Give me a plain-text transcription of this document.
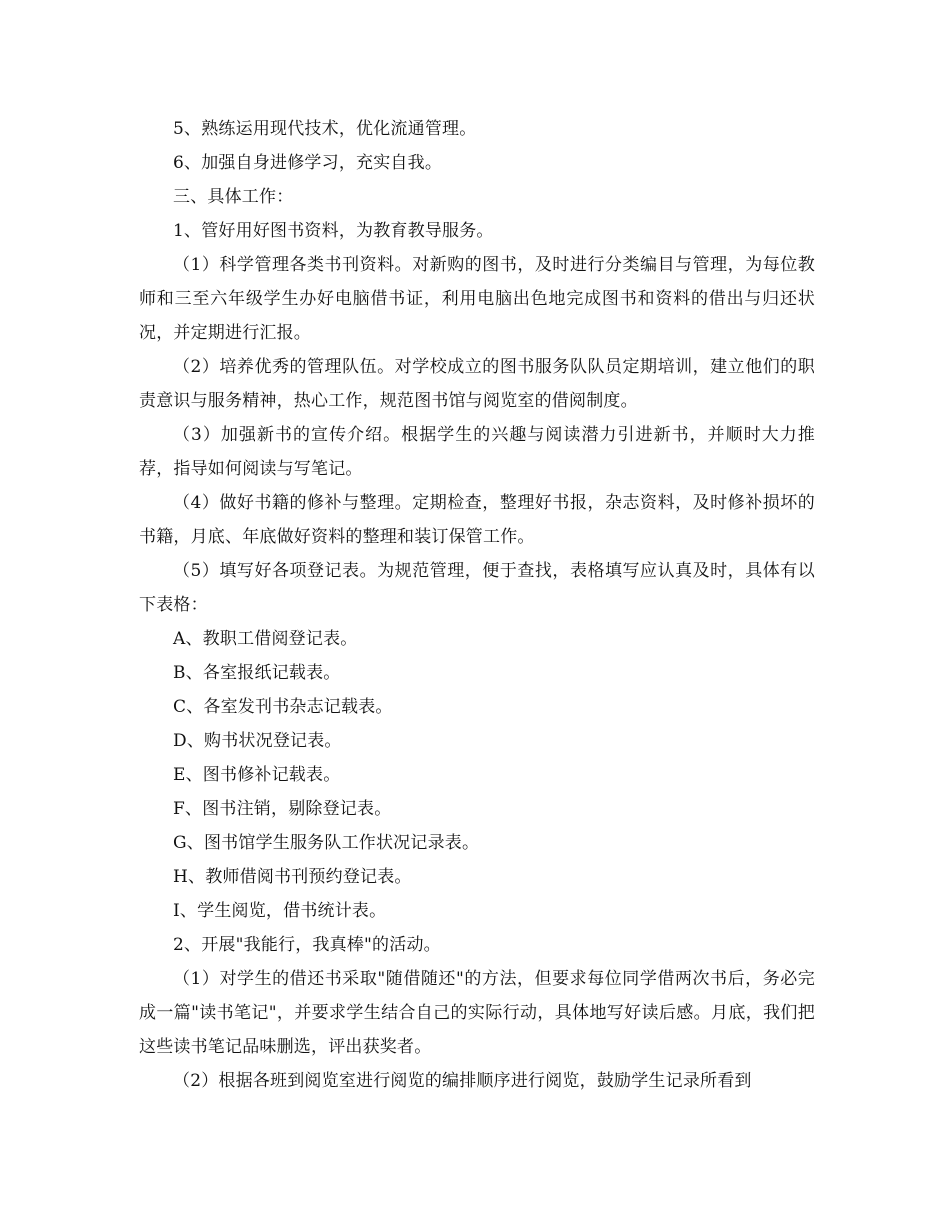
5、熟练运用现代技术，优化流通管理。

6、加强自身进修学习，充实自我。

三、具体工作：

1、管好用好图书资料，为教育教导服务。

（1）科学管理各类书刊资料。对新购的图书，及时进行分类编目与管理，为每位教师和三至六年级学生办好电脑借书证，利用电脑出色地完成图书和资料的借出与归还状况，并定期进行汇报。

（2）培养优秀的管理队伍。对学校成立的图书服务队队员定期培训，建立他们的职责意识与服务精神，热心工作，规范图书馆与阅览室的借阅制度。

（3）加强新书的宣传介绍。根据学生的兴趣与阅读潜力引进新书，并顺时大力推荐，指导如何阅读与写笔记。

（4）做好书籍的修补与整理。定期检查，整理好书报，杂志资料，及时修补损坏的书籍，月底、年底做好资料的整理和装订保管工作。

（5）填写好各项登记表。为规范管理，便于查找，表格填写应认真及时，具体有以下表格：

A、教职工借阅登记表。

B、各室报纸记载表。

C、各室发刊书杂志记载表。

D、购书状况登记表。

E、图书修补记载表。

F、图书注销，剔除登记表。

G、图书馆学生服务队工作状况记录表。

H、教师借阅书刊预约登记表。

I、学生阅览，借书统计表。

2、开展"我能行，我真棒"的活动。

（1）对学生的借还书采取"随借随还"的方法，但要求每位同学借两次书后，务必完成一篇"读书笔记"，并要求学生结合自己的实际行动，具体地写好读后感。月底，我们把这些读书笔记品味删选，评出获奖者。

（2）根据各班到阅览室进行阅览的编排顺序进行阅览，鼓励学生记录所看到
